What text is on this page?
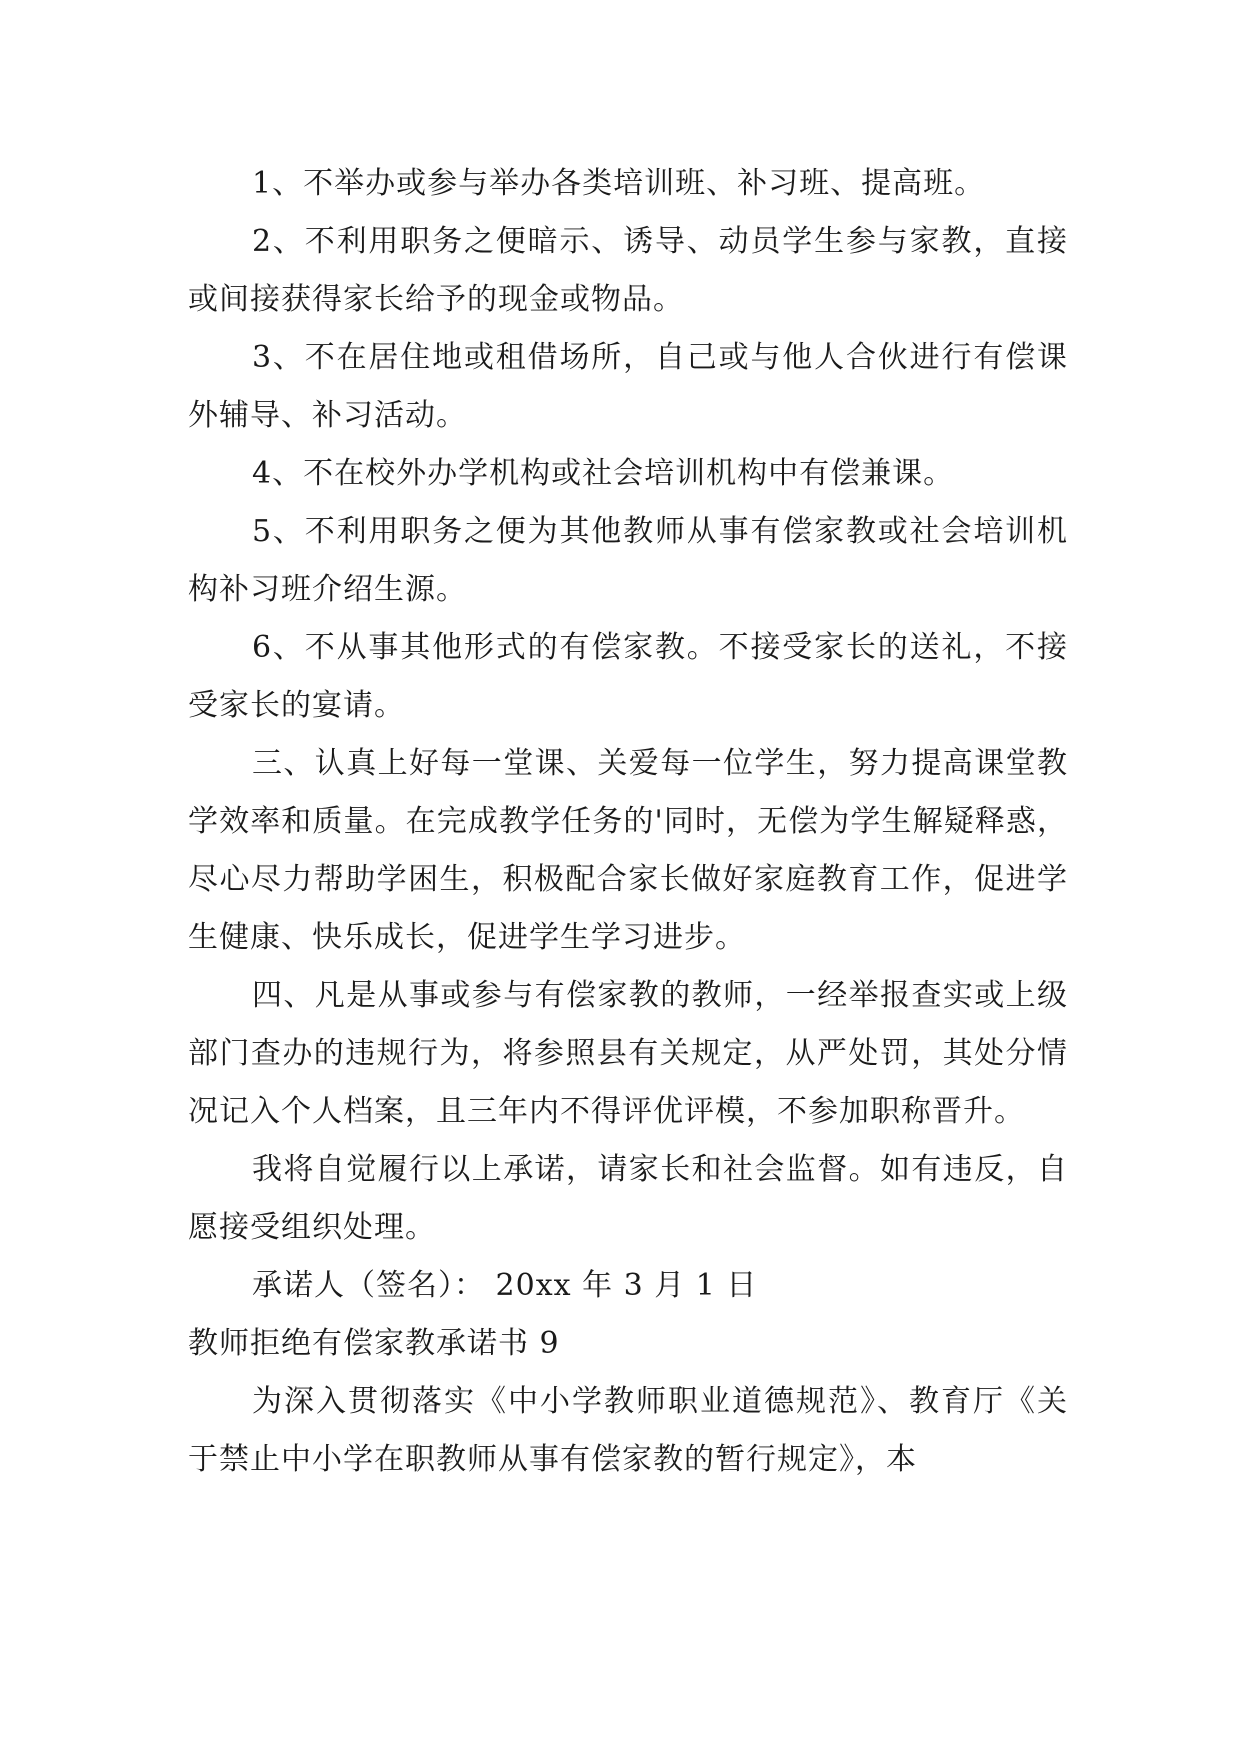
1、不举办或参与举办各类培训班、补习班、提高班。

2、不利用职务之便暗示、诱导、动员学生参与家教，直接或间接获得家长给予的现金或物品。

3、不在居住地或租借场所，自己或与他人合伙进行有偿课外辅导、补习活动。

4、不在校外办学机构或社会培训机构中有偿兼课。

5、不利用职务之便为其他教师从事有偿家教或社会培训机构补习班介绍生源。

6、不从事其他形式的有偿家教。不接受家长的送礼，不接受家长的宴请。

三、认真上好每一堂课、关爱每一位学生，努力提高课堂教学效率和质量。在完成教学任务的'同时，无偿为学生解疑释惑，尽心尽力帮助学困生，积极配合家长做好家庭教育工作，促进学生健康、快乐成长，促进学生学习进步。

四、凡是从事或参与有偿家教的教师，一经举报查实或上级部门查办的违规行为，将参照县有关规定，从严处罚，其处分情况记入个人档案，且三年内不得评优评模，不参加职称晋升。

我将自觉履行以上承诺，请家长和社会监督。如有违反，自愿接受组织处理。

承诺人（签名）： 20xx 年 3 月 1 日

教师拒绝有偿家教承诺书 9

为深入贯彻落实《中小学教师职业道德规范》、教育厅《关于禁止中小学在职教师从事有偿家教的暂行规定》，本
